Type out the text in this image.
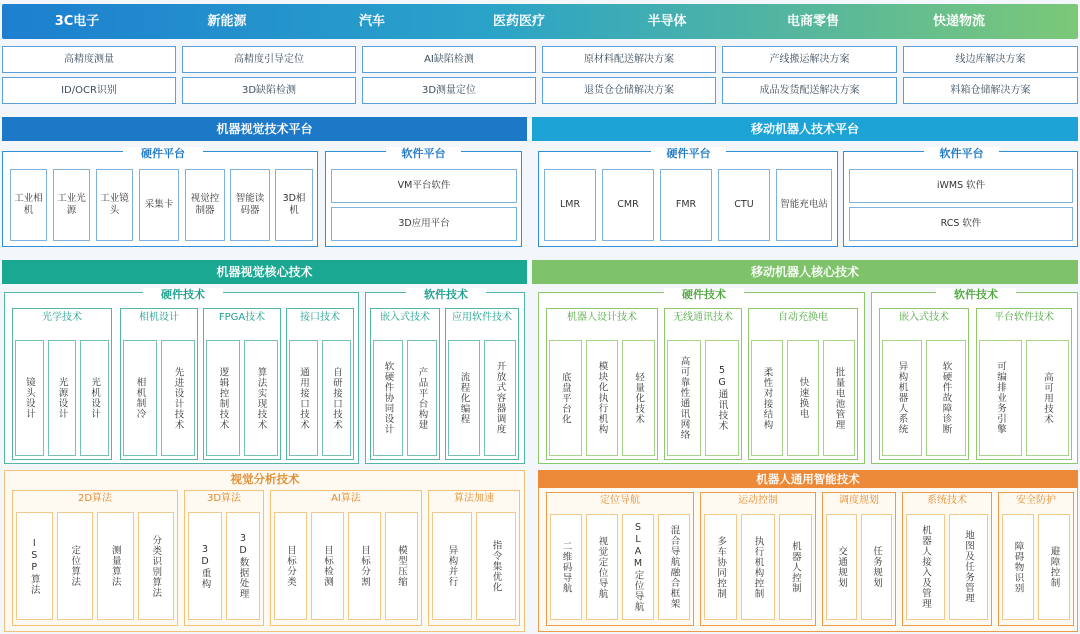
3C电子	新能源	汽车	医药医疗	半导体	电商零售	快递物流
高精度测量	高精度引导定位	AI缺陷检测	原材料配送解决方案	产线搬运解决方案	线边库解决方案
ID/OCR识别	3D缺陷检测	3D测量定位	退货仓仓储解决方案	成品发货配送解决方案	料箱仓储解决方案
机器视觉技术平台
硬件平台
工业相机
工业光源
工业镜头
采集卡
视觉控制器
智能读码器
3D相机
软件平台
VM平台软件
3D应用平台
移动机器人技术平台
硬件平台
LMR	CMR	FMR	CTU	智能充电站
软件平台
iWMS 软件
RCS 软件
机器视觉核心技术
硬件技术	软件技术
移动机器人核心技术
硬件技术	软件技术
视觉分析技术	机器人通用智能技术
光学技术
镜头设计	光源设计	光机设计
相机设计
相机制冷	先进设计技术
FPGA技术
逻辑控制技术	算法实现技术
接口技术
通用接口技术	自研接口技术
嵌入式技术
软硬件协同设计	产品平台构建
应用软件技术
流程化编程	开放式容器调度
机器人设计技术
底盘平台化	模块化执行机构	轻量化技术
无线通讯技术
高可靠性通讯网络	5G通讯技术
自动充换电
柔性对接结构	快速换电	批量电池管理
嵌入式技术
异构机器人系统	软硬件故障诊断
平台软件技术
可编排业务引擎	高可用技术
2D算法
ISP算法	定位算法	测量算法	分类识别算法
3D算法
3D重构	3D数据处理
AI算法
目标分类	目标检测	目标分割	模型压缩
算法加速
异构并行	指令集优化
定位导航
二维码导航	视觉定位导航	SLAM定位导航	混合导航融合框架
运动控制
多车协同控制	执行机构控制	机器人控制
调度规划
交通规划	任务规划
系统技术
机器人接入及管理	地图及任务管理
安全防护
障碍物识别	避障控制
